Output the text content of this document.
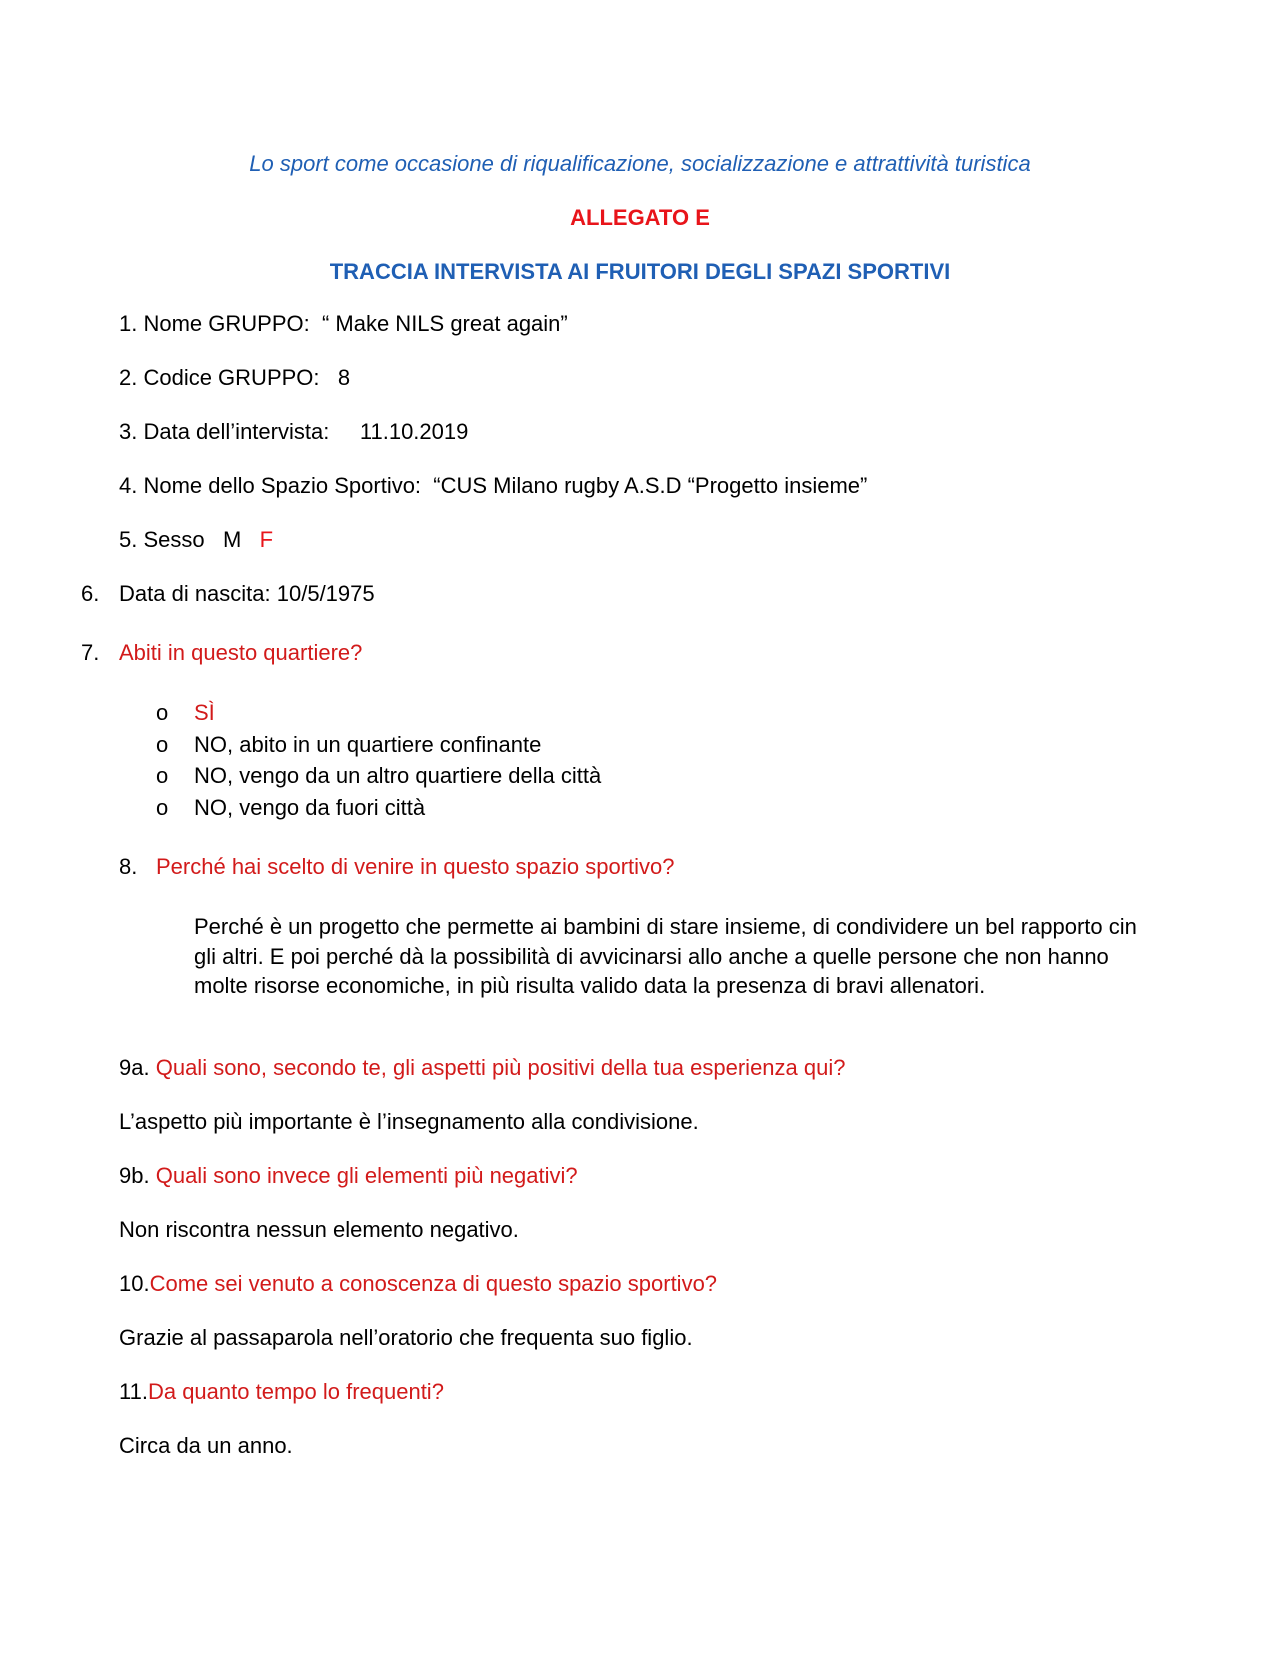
Lo sport come occasione di riqualificazione, socializzazione e attrattività turistica
ALLEGATO E
TRACCIA INTERVISTA AI FRUITORI DEGLI SPAZI SPORTIVI
1. Nome GRUPPO: “ Make NILS great again”
2. Codice GRUPPO: 8
3. Data dell’intervista: 11.10.2019
4. Nome dello Spazio Sportivo: “CUS Milano rugby A.S.D “Progetto insieme”
5. Sesso M F
6. Data di nascita: 10/5/1975
7. Abiti in questo quartiere?
o SÌ
o NO, abito in un quartiere confinante
o NO, vengo da un altro quartiere della città
o NO, vengo da fuori città
8. Perché hai scelto di venire in questo spazio sportivo?
Perché è un progetto che permette ai bambini di stare insieme, di condividere un bel rapporto cin gli altri. E poi perché dà la possibilità di avvicinarsi allo anche a quelle persone che non hanno molte risorse economiche, in più risulta valido data la presenza di bravi allenatori.
9a. Quali sono, secondo te, gli aspetti più positivi della tua esperienza qui?
L’aspetto più importante è l’insegnamento alla condivisione.
9b. Quali sono invece gli elementi più negativi?
Non riscontra nessun elemento negativo.
10.Come sei venuto a conoscenza di questo spazio sportivo?
Grazie al passaparola nell’oratorio che frequenta suo figlio.
11.Da quanto tempo lo frequenti?
Circa da un anno.
